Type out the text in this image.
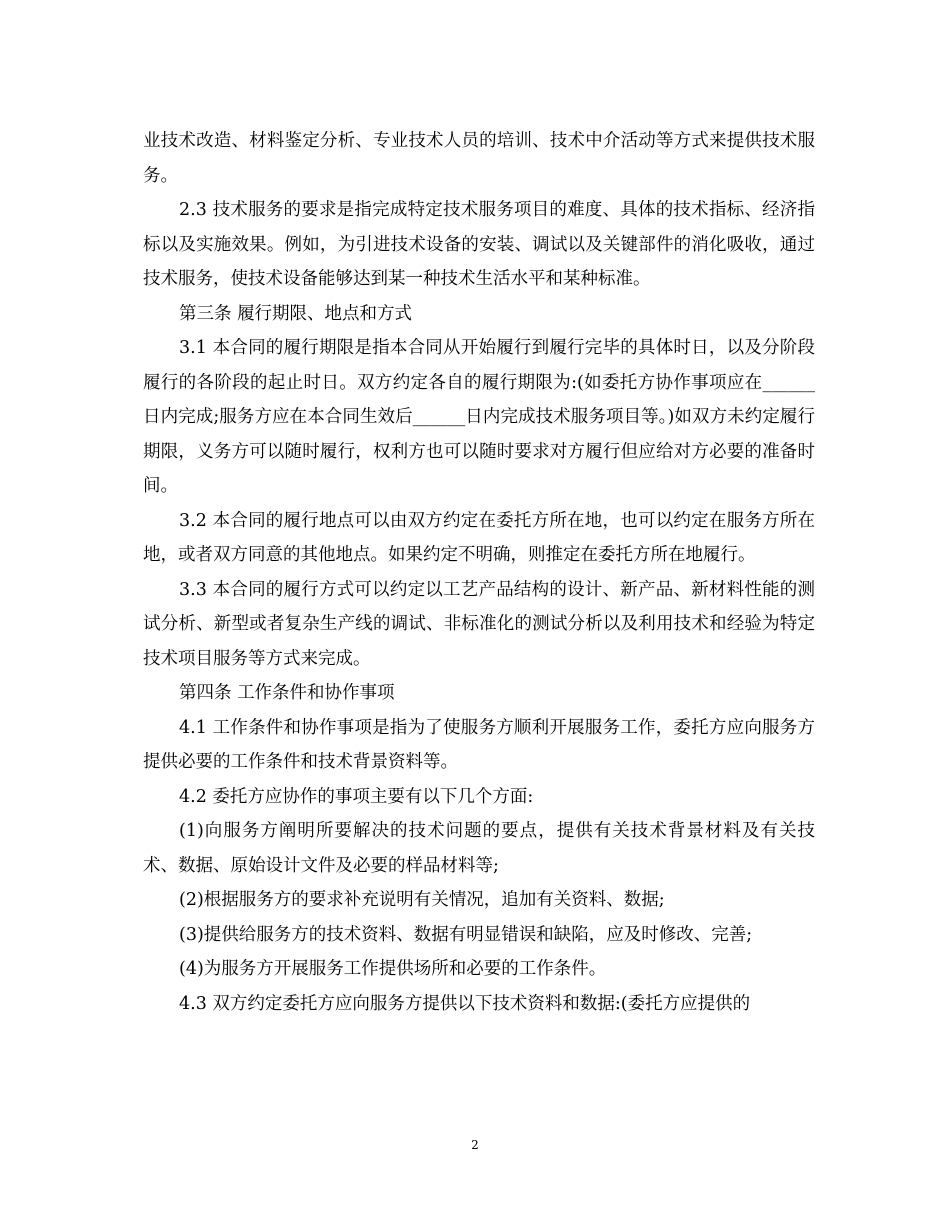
业技术改造、材料鉴定分析、专业技术人员的培训、技术中介活动等方式来提供技术服务。

2.3 技术服务的要求是指完成特定技术服务项目的难度、具体的技术指标、经济指标以及实施效果。例如，为引进技术设备的安装、调试以及关键部件的消化吸收，通过技术服务，使技术设备能够达到某一种技术生活水平和某种标准。

第三条 履行期限、地点和方式

3.1 本合同的履行期限是指本合同从开始履行到履行完毕的具体时日，以及分阶段履行的各阶段的起止时日。双方约定各自的履行期限为:(如委托方协作事项应在______日内完成;服务方应在本合同生效后______日内完成技术服务项目等。)如双方未约定履行期限，义务方可以随时履行，权利方也可以随时要求对方履行但应给对方必要的准备时间。

3.2 本合同的履行地点可以由双方约定在委托方所在地，也可以约定在服务方所在地，或者双方同意的其他地点。如果约定不明确，则推定在委托方所在地履行。

3.3 本合同的履行方式可以约定以工艺产品结构的设计、新产品、新材料性能的测试分析、新型或者复杂生产线的调试、非标准化的测试分析以及利用技术和经验为特定技术项目服务等方式来完成。

第四条 工作条件和协作事项

4.1 工作条件和协作事项是指为了使服务方顺利开展服务工作，委托方应向服务方提供必要的工作条件和技术背景资料等。

4.2 委托方应协作的事项主要有以下几个方面:

(1)向服务方阐明所要解决的技术问题的要点，提供有关技术背景材料及有关技术、数据、原始设计文件及必要的样品材料等;

(2)根据服务方的要求补充说明有关情况，追加有关资料、数据;

(3)提供给服务方的技术资料、数据有明显错误和缺陷，应及时修改、完善;

(4)为服务方开展服务工作提供场所和必要的工作条件。

4.3 双方约定委托方应向服务方提供以下技术资料和数据:(委托方应提供的

2
